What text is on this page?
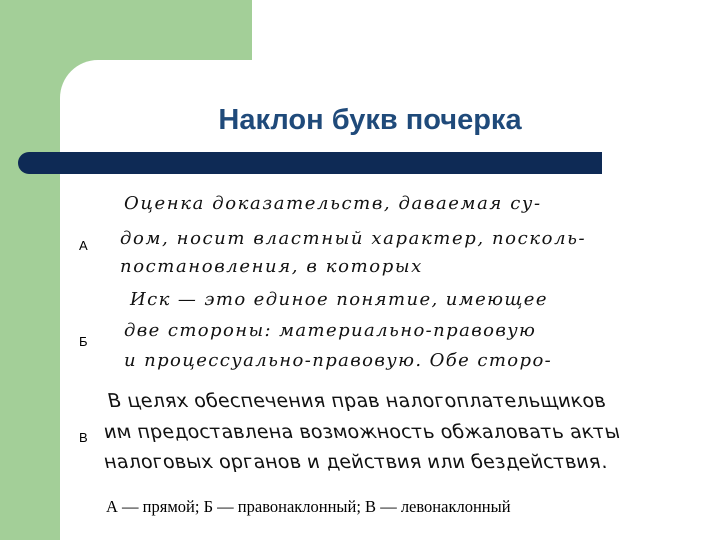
Наклон букв почерка
А
Оценка доказательств, даваемая су-
дом, носит властный характер, посколь-
постановления, в которых
Б
Иск — это единое понятие, имеющее
две стороны: материально-правовую
и процессуально-правовую. Обе сторо-
В
В целях обеспечения прав налогоплательщиков
им предоставлена возможность обжаловать акты
налоговых органов и действия или бездействия.
А — прямой; Б — правонаклонный; В — левонаклонный
